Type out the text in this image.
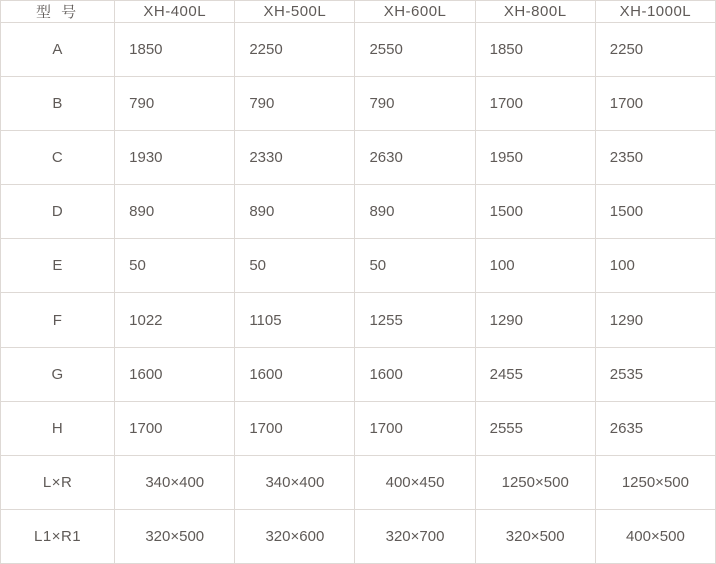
型 号	XH-400L	XH-500L	XH-600L	XH-800L	XH-1000L
A	1850	2250	2550	1850	2250
B	790	790	790	1700	1700
C	1930	2330	2630	1950	2350
D	890	890	890	1500	1500
E	50	50	50	100	100
F	1022	1105	1255	1290	1290
G	1600	1600	1600	2455	2535
H	1700	1700	1700	2555	2635
L×R	340×400	340×400	400×450	1250×500	1250×500
L1×R1	320×500	320×600	320×700	320×500	400×500
